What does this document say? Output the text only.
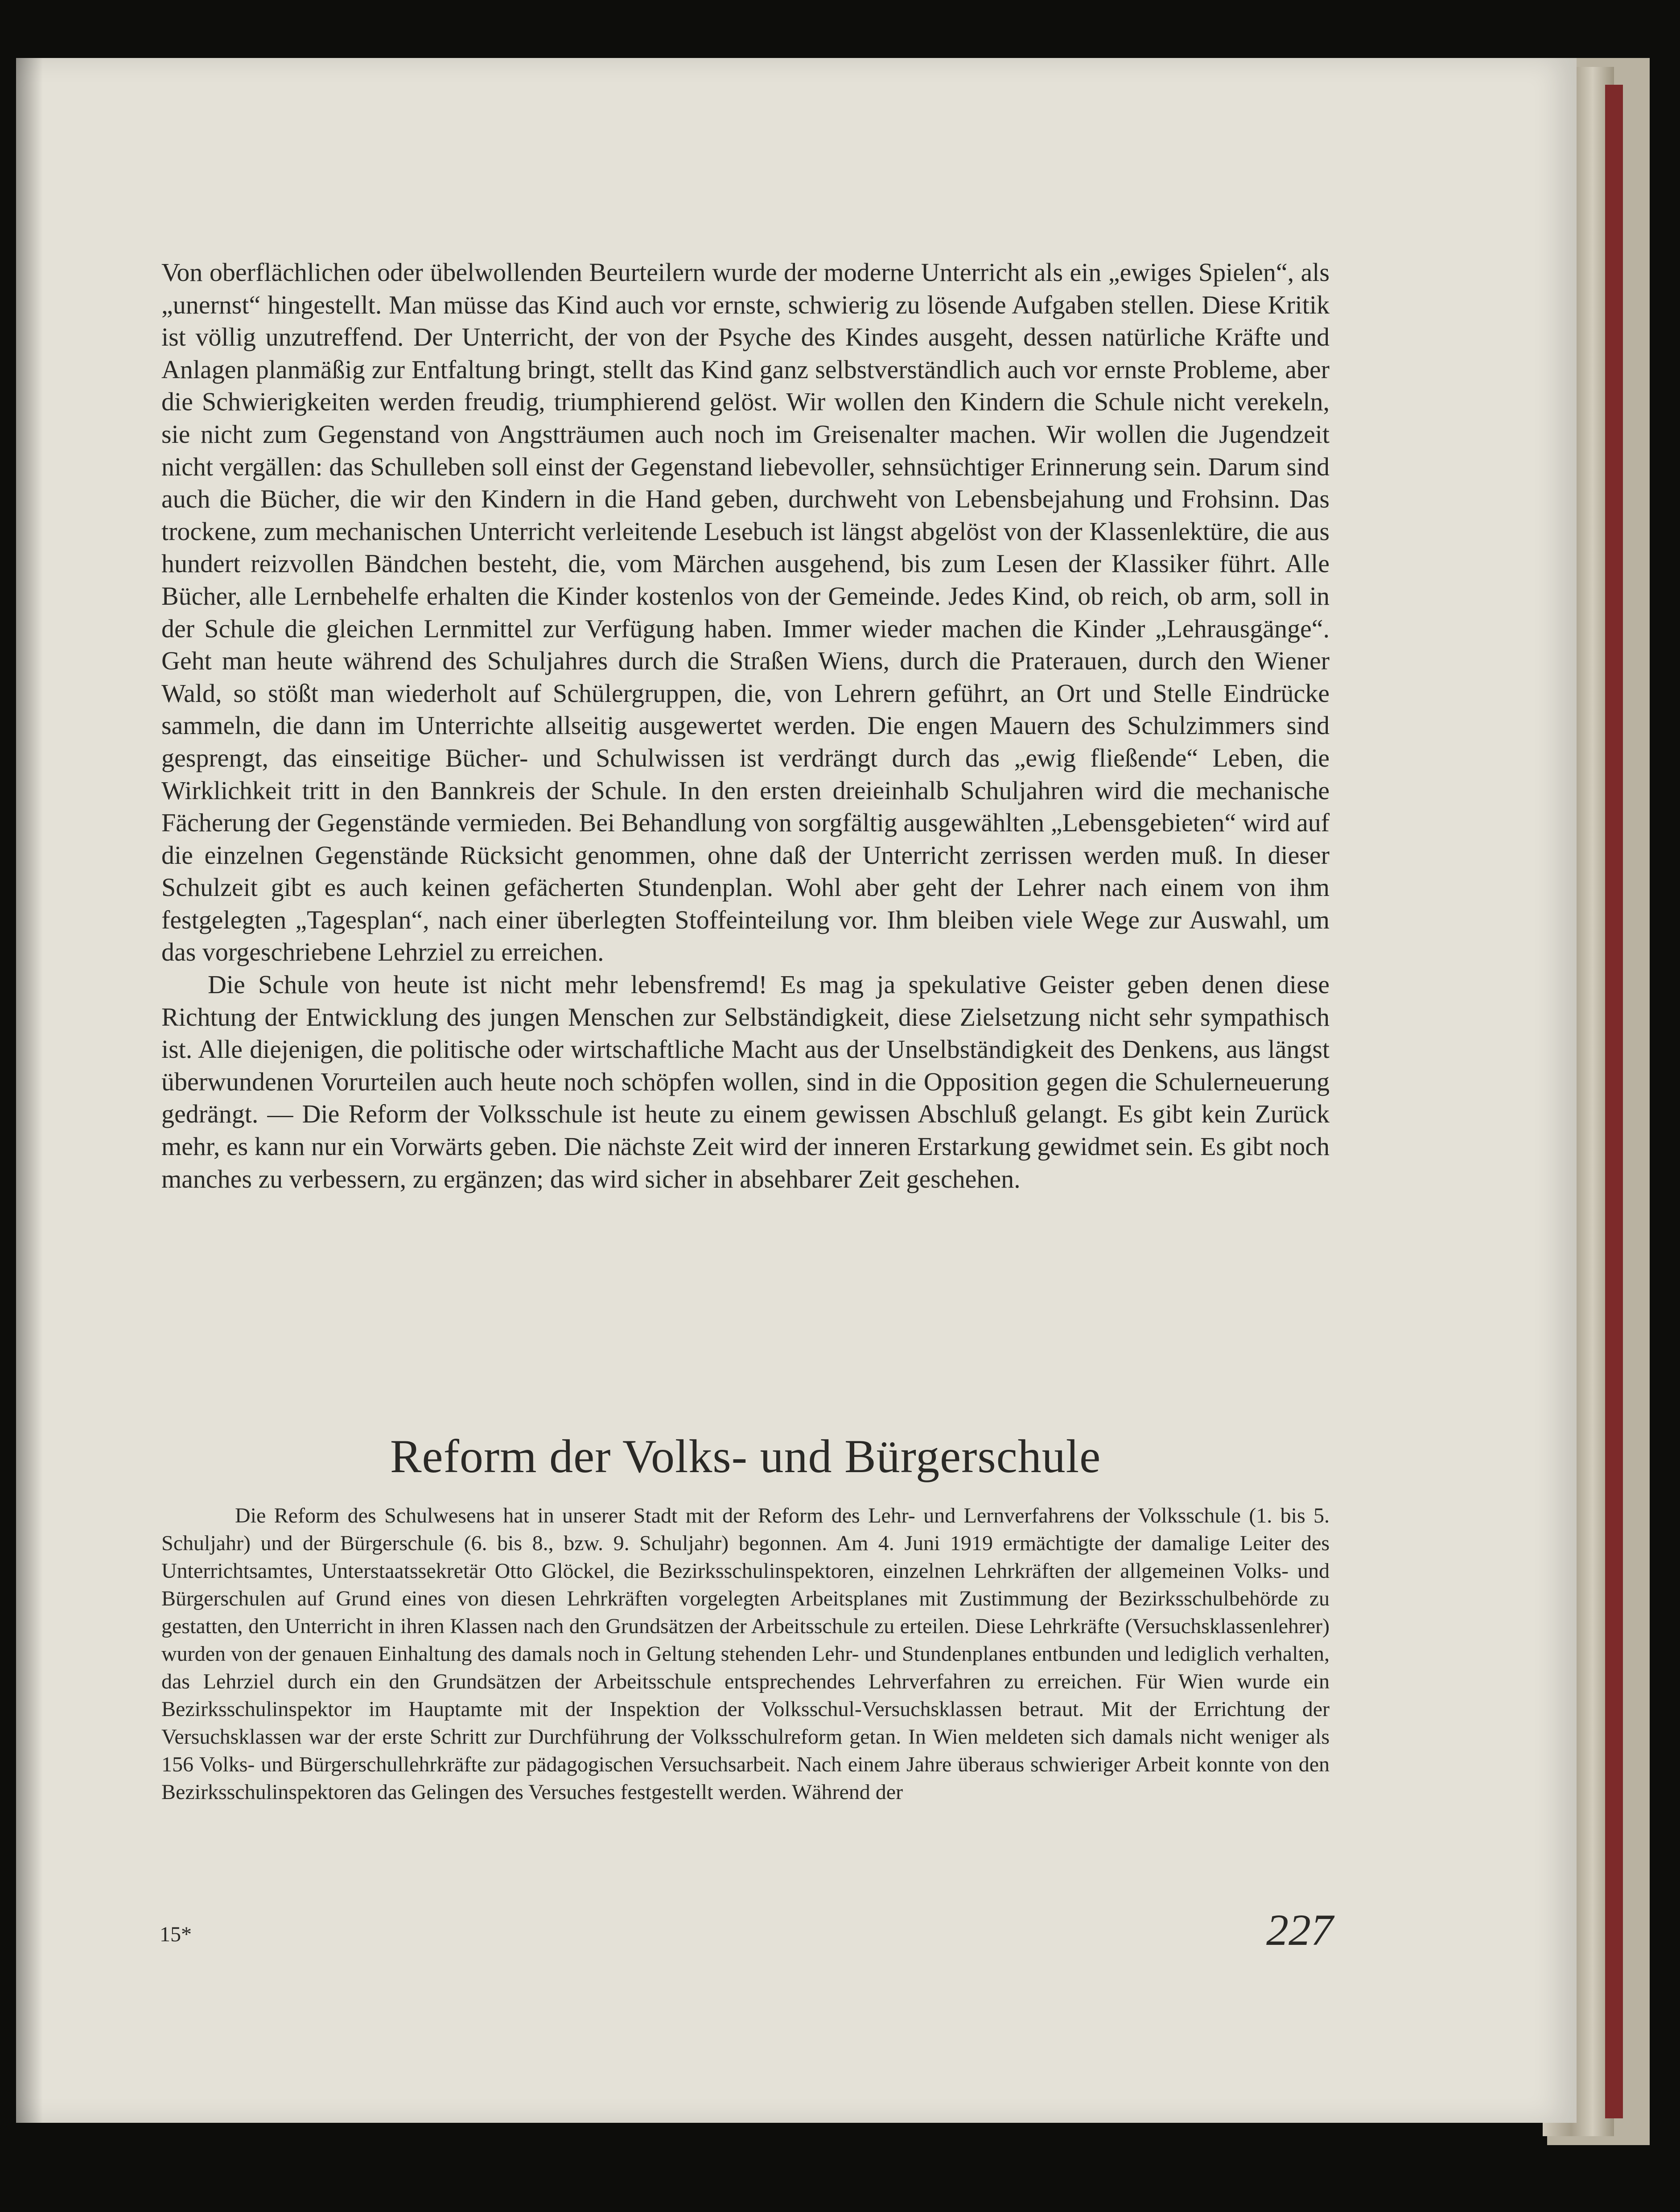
Von oberflächlichen oder übelwollenden Beurteilern wurde der moderne Unterricht als ein „ewiges Spielen“, als „unernst“ hingestellt. Man müsse das Kind auch vor ernste, schwierig zu lösende Aufgaben stellen. Diese Kritik ist völlig unzutreffend. Der Unterricht, der von der Psyche des Kindes ausgeht, dessen natürliche Kräfte und Anlagen planmäßig zur Entfaltung bringt, stellt das Kind ganz selbstverständlich auch vor ernste Probleme, aber die Schwierigkeiten werden freudig, triumphierend gelöst. Wir wollen den Kindern die Schule nicht verekeln, sie nicht zum Gegenstand von Angstträumen auch noch im Greisenalter machen. Wir wollen die Jugendzeit nicht vergällen: das Schulleben soll einst der Gegenstand liebevoller, sehnsüchtiger Erinnerung sein. Darum sind auch die Bücher, die wir den Kindern in die Hand geben, durchweht von Lebensbejahung und Frohsinn. Das trockene, zum mechanischen Unterricht verleitende Lesebuch ist längst abgelöst von der Klassenlektüre, die aus hundert reizvollen Bändchen besteht, die, vom Märchen ausgehend, bis zum Lesen der Klassiker führt. Alle Bücher, alle Lernbehelfe erhalten die Kinder kostenlos von der Gemeinde. Jedes Kind, ob reich, ob arm, soll in der Schule die gleichen Lernmittel zur Verfügung haben. Immer wieder machen die Kinder „Lehrausgänge“. Geht man heute während des Schuljahres durch die Straßen Wiens, durch die Praterauen, durch den Wiener Wald, so stößt man wiederholt auf Schülergruppen, die, von Lehrern geführt, an Ort und Stelle Eindrücke sammeln, die dann im Unterrichte allseitig ausgewertet werden. Die engen Mauern des Schulzimmers sind gesprengt, das einseitige Bücher- und Schulwissen ist verdrängt durch das „ewig fließende“ Leben, die Wirklichkeit tritt in den Bannkreis der Schule. In den ersten dreieinhalb Schuljahren wird die mechanische Fächerung der Gegenstände vermieden. Bei Behandlung von sorgfältig ausgewählten „Lebensgebieten“ wird auf die einzelnen Gegenstände Rücksicht genommen, ohne daß der Unterricht zerrissen werden muß. In dieser Schulzeit gibt es auch keinen gefächerten Stundenplan. Wohl aber geht der Lehrer nach einem von ihm festgelegten „Tagesplan“, nach einer überlegten Stoffeinteilung vor. Ihm bleiben viele Wege zur Auswahl, um das vorgeschriebene Lehrziel zu erreichen.

Die Schule von heute ist nicht mehr lebensfremd! Es mag ja spekulative Geister geben denen diese Richtung der Entwicklung des jungen Menschen zur Selbständigkeit, diese Zielsetzung nicht sehr sympathisch ist. Alle diejenigen, die politische oder wirtschaftliche Macht aus der Unselbständigkeit des Denkens, aus längst überwundenen Vorurteilen auch heute noch schöpfen wollen, sind in die Opposition gegen die Schulerneuerung gedrängt. — Die Reform der Volksschule ist heute zu einem gewissen Abschluß gelangt. Es gibt kein Zurück mehr, es kann nur ein Vorwärts geben. Die nächste Zeit wird der inneren Erstarkung gewidmet sein. Es gibt noch manches zu verbessern, zu ergänzen; das wird sicher in absehbarer Zeit geschehen.

Reform der Volks- und Bürgerschule

Die Reform des Schulwesens hat in unserer Stadt mit der Reform des Lehr- und Lernverfahrens der Volksschule (1. bis 5. Schuljahr) und der Bürgerschule (6. bis 8., bzw. 9. Schuljahr) begonnen. Am 4. Juni 1919 ermächtigte der damalige Leiter des Unterrichtsamtes, Unterstaatssekretär Otto Glöckel, die Bezirksschulinspektoren, einzelnen Lehrkräften der allgemeinen Volks- und Bürgerschulen auf Grund eines von diesen Lehrkräften vorgelegten Arbeitsplanes mit Zustimmung der Bezirksschulbehörde zu gestatten, den Unterricht in ihren Klassen nach den Grundsätzen der Arbeitsschule zu erteilen. Diese Lehrkräfte (Versuchsklassenlehrer) wurden von der genauen Einhaltung des damals noch in Geltung stehenden Lehr- und Stundenplanes entbunden und lediglich verhalten, das Lehrziel durch ein den Grundsätzen der Arbeitsschule entsprechendes Lehrverfahren zu erreichen. Für Wien wurde ein Bezirksschulinspektor im Hauptamte mit der Inspektion der Volksschul-Versuchsklassen betraut. Mit der Errichtung der Versuchsklassen war der erste Schritt zur Durchführung der Volksschulreform getan. In Wien meldeten sich damals nicht weniger als 156 Volks- und Bürgerschullehrkräfte zur pädagogischen Versuchsarbeit. Nach einem Jahre überaus schwieriger Arbeit konnte von den Bezirksschulinspektoren das Gelingen des Versuches festgestellt werden. Während der

15*	227
